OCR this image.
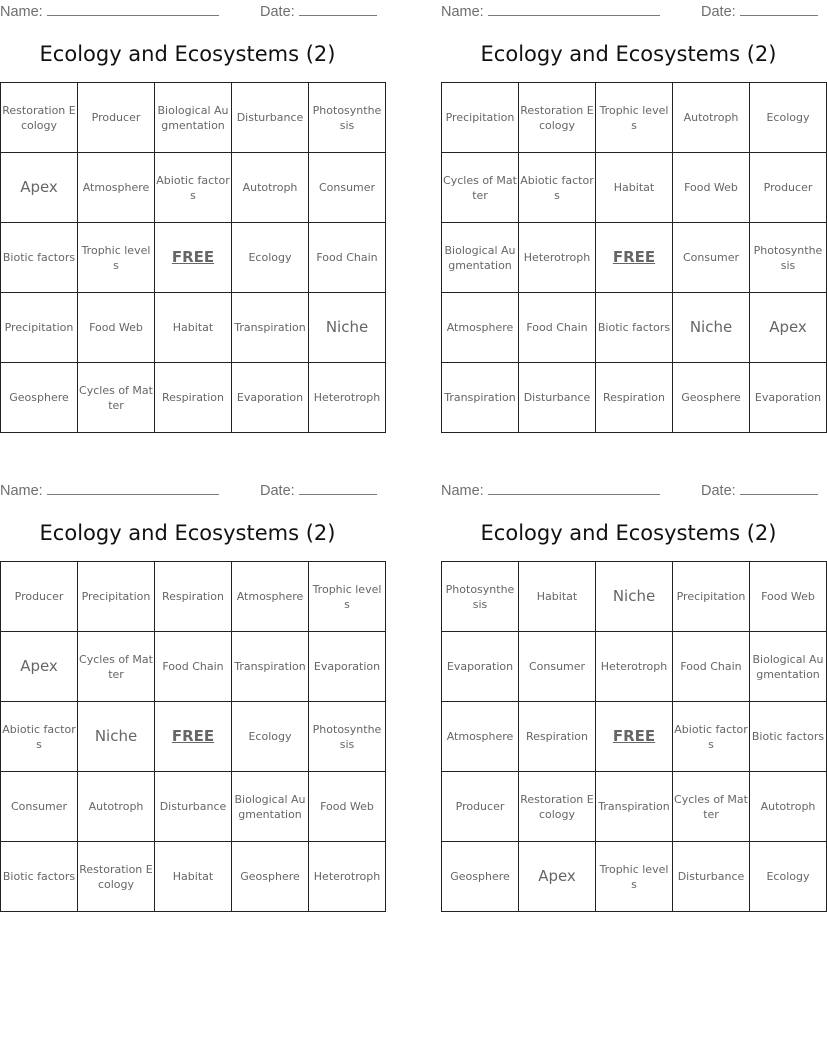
Name:	Date:
Ecology and Ecosystems (2)
Restoration Ecology	Producer	Biological Augmentation	Disturbance	Photosynthesis
Apex	Atmosphere	Abiotic factors	Autotroph	Consumer
Biotic factors	Trophic levels	FREE	Ecology	Food Chain
Precipitation	Food Web	Habitat	Transpiration	Niche
Geosphere	Cycles of Matter	Respiration	Evaporation	Heterotroph
Name:	Date:
Ecology and Ecosystems (2)
Precipitation	Restoration Ecology	Trophic levels	Autotroph	Ecology
Cycles of Matter	Abiotic factors	Habitat	Food Web	Producer
Biological Augmentation	Heterotroph	FREE	Consumer	Photosynthesis
Atmosphere	Food Chain	Biotic factors	Niche	Apex
Transpiration	Disturbance	Respiration	Geosphere	Evaporation
Name:	Date:
Ecology and Ecosystems (2)
Producer	Precipitation	Respiration	Atmosphere	Trophic levels
Apex	Cycles of Matter	Food Chain	Transpiration	Evaporation
Abiotic factors	Niche	FREE	Ecology	Photosynthesis
Consumer	Autotroph	Disturbance	Biological Augmentation	Food Web
Biotic factors	Restoration Ecology	Habitat	Geosphere	Heterotroph
Name:	Date:
Ecology and Ecosystems (2)
Photosynthesis	Habitat	Niche	Precipitation	Food Web
Evaporation	Consumer	Heterotroph	Food Chain	Biological Augmentation
Atmosphere	Respiration	FREE	Abiotic factors	Biotic factors
Producer	Restoration Ecology	Transpiration	Cycles of Matter	Autotroph
Geosphere	Apex	Trophic levels	Disturbance	Ecology
